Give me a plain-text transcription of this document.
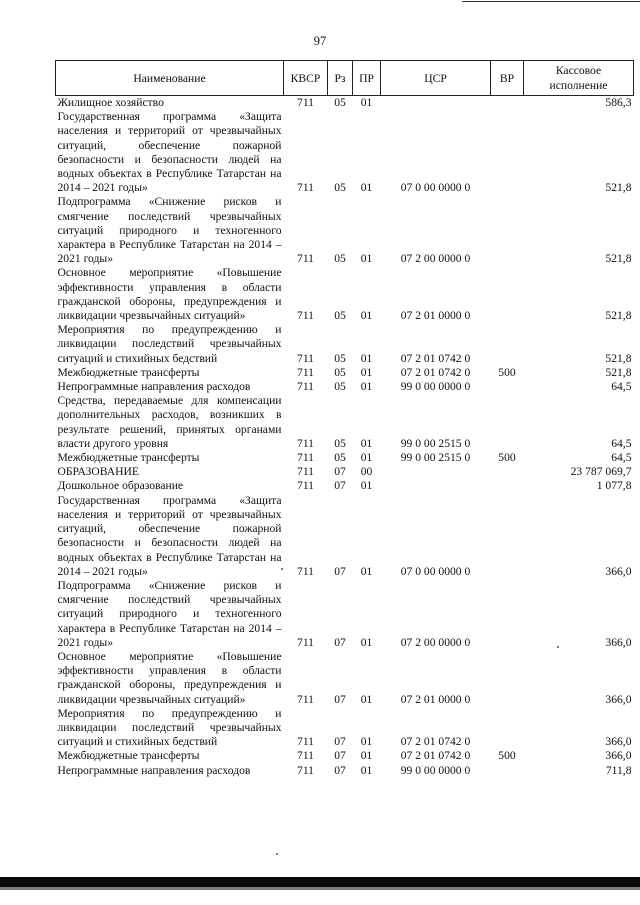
97
Наименование	КВСР	Рз	ПР	ЦСР	ВР	Кассовое исполнение
Жилищное хозяйство	711	05	01			586,3
Государственная программа «Защита населения и территорий от чрезвычайных ситуаций, обеспечение пожарной безопасности и безопасности людей на водных объектах в Республике Татарстан на 2014 – 2021 годы»	711	05	01	07 0 00 0000 0		521,8
Подпрограмма «Снижение рисков и смягчение последствий чрезвычайных ситуаций природного и техногенного характера в Республике Татарстан на 2014 – 2021 годы»	711	05	01	07 2 00 0000 0		521,8
Основное мероприятие «Повышение эффективности управления в области гражданской обороны, предупреждения и ликвидации чрезвычайных ситуаций»	711	05	01	07 2 01 0000 0		521,8
Мероприятия по предупреждению и ликвидации последствий чрезвычайных ситуаций и стихийных бедствий	711	05	01	07 2 01 0742 0		521,8
Межбюджетные трансферты	711	05	01	07 2 01 0742 0	500	521,8
Непрограммные направления расходов	711	05	01	99 0 00 0000 0		64,5
Средства, передаваемые для компенсации дополнительных расходов, возникших в результате решений, принятых органами власти другого уровня	711	05	01	99 0 00 2515 0		64,5
Межбюджетные трансферты	711	05	01	99 0 00 2515 0	500	64,5
ОБРАЗОВАНИЕ	711	07	00			23 787 069,7
Дошкольное образование	711	07	01			1 077,8
Государственная программа «Защита населения и территорий от чрезвычайных ситуаций, обеспечение пожарной безопасности и безопасности людей на водных объектах в Республике Татарстан на 2014 – 2021 годы»	711	07	01	07 0 00 0000 0		366,0
Подпрограмма «Снижение рисков и смягчение последствий чрезвычайных ситуаций природного и техногенного характера в Республике Татарстан на 2014 – 2021 годы»	711	07	01	07 2 00 0000 0		366,0
Основное мероприятие «Повышение эффективности управления в области гражданской обороны, предупреждения и ликвидации чрезвычайных ситуаций»	711	07	01	07 2 01 0000 0		366,0
Мероприятия по предупреждению и ликвидации последствий чрезвычайных ситуаций и стихийных бедствий	711	07	01	07 2 01 0742 0		366,0
Межбюджетные трансферты	711	07	01	07 2 01 0742 0	500	366,0
Непрограммные направления расходов	711	07	01	99 0 00 0000 0		711,8
